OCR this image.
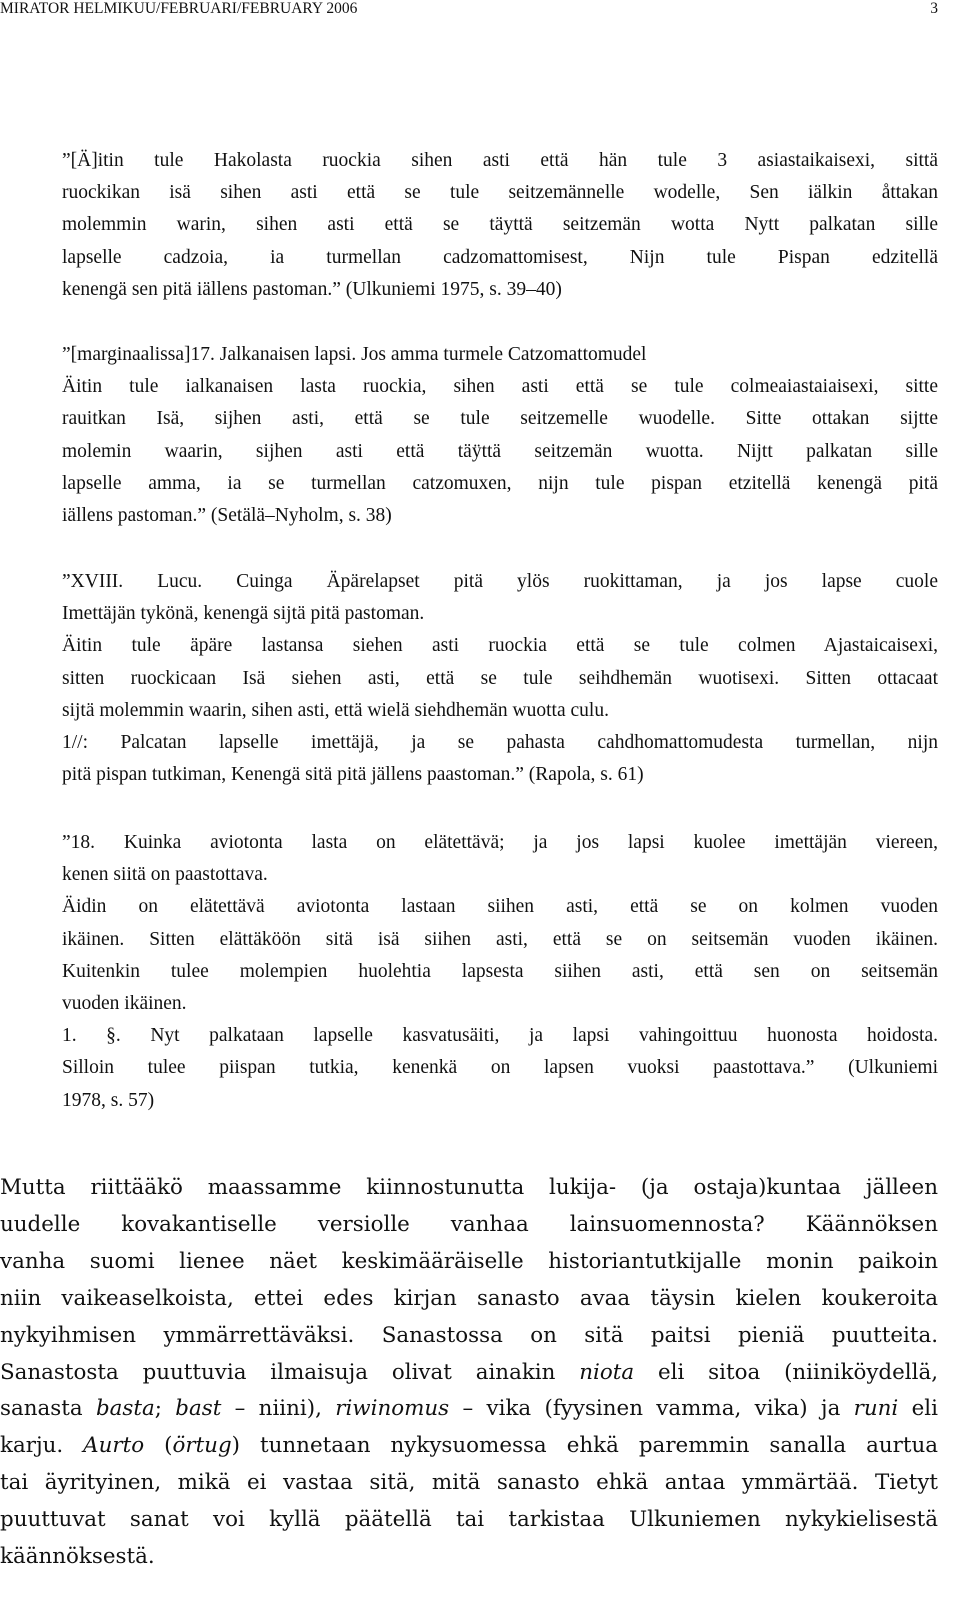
MIRATOR HELMIKUU/FEBRUARI/FEBRUARY 2006	3
”[Ä]itin tule Hakolasta ruockia sihen asti että hän tule 3 asiastaikaisexi, sittä
ruockikan isä sihen asti että se tule seitzemännelle wodelle, Sen iälkin åttakan
molemmin warin, sihen asti että se täyttä seitzemän wotta Nytt palkatan sille
lapselle cadzoia, ia turmellan cadzomattomisest, Nijn tule Pispan edzitellä
kenengä sen pitä iällens pastoman.” (Ulkuniemi 1975, s. 39–40)
”[marginaalissa]17. Jalkanaisen lapsi. Jos amma turmele Catzomattomudel
Äitin tule ialkanaisen lasta ruockia, sihen asti että se tule colmeaiastaiaisexi, sitte
rauitkan Isä, sijhen asti, että se tule seitzemelle wuodelle. Sitte ottakan sijtte
molemin waarin, sijhen asti että täÿttä seitzemän wuotta. Nijtt palkatan sille
lapselle amma, ia se turmellan catzomuxen, nijn tule pispan etzitellä kenengä pitä
iällens pastoman.” (Setälä–Nyholm, s. 38)
”XVIII. Lucu. Cuinga Äpärelapset pitä ylös ruokittaman, ja jos lapse cuole
Imettäjän tykönä, kenengä sijtä pitä pastoman.
Äitin tule äpäre lastansa siehen asti ruockia että se tule colmen Ajastaicaisexi,
sitten ruockicaan Isä siehen asti, että se tule seihdhemän wuotisexi. Sitten ottacaat
sijtä molemmin waarin, sihen asti, että wielä siehdhemän wuotta culu.
1//: Palcatan lapselle imettäjä, ja se pahasta cahdhomattomudesta turmellan, nijn
pitä pispan tutkiman, Kenengä sitä pitä jällens paastoman.” (Rapola, s. 61)
”18. Kuinka aviotonta lasta on elätettävä; ja jos lapsi kuolee imettäjän viereen,
kenen siitä on paastottava.
Äidin on elätettävä aviotonta lastaan siihen asti, että se on kolmen vuoden
ikäinen. Sitten elättäköön sitä isä siihen asti, että se on seitsemän vuoden ikäinen.
Kuitenkin tulee molempien huolehtia lapsesta siihen asti, että sen on seitsemän
vuoden ikäinen.
1. §. Nyt palkataan lapselle kasvatusäiti, ja lapsi vahingoittuu huonosta hoidosta.
Silloin tulee piispan tutkia, kenenkä on lapsen vuoksi paastottava.” (Ulkuniemi
1978, s. 57)
Mutta riittääkö maassamme kiinnostunutta lukija- (ja ostaja)kuntaa jälleen
uudelle kovakantiselle versiolle vanhaa lainsuomennosta? Käännöksen
vanha suomi lienee näet keskimääräiselle historiantutkijalle monin paikoin
niin vaikeaselkoista, ettei edes kirjan sanasto avaa täysin kielen koukeroita
nykyihmisen ymmärrettäväksi. Sanastossa on sitä paitsi pieniä puutteita.
Sanastosta puuttuvia ilmaisuja olivat ainakin niota eli sitoa (niiniköydellä,
sanasta basta; bast – niini), riwinomus – vika (fyysinen vamma, vika) ja runi eli
karju. Aurto (örtug) tunnetaan nykysuomessa ehkä paremmin sanalla aurtua
tai äyrityinen, mikä ei vastaa sitä, mitä sanasto ehkä antaa ymmärtää. Tietyt
puuttuvat sanat voi kyllä päätellä tai tarkistaa Ulkuniemen nykykielisestä
käännöksestä.
